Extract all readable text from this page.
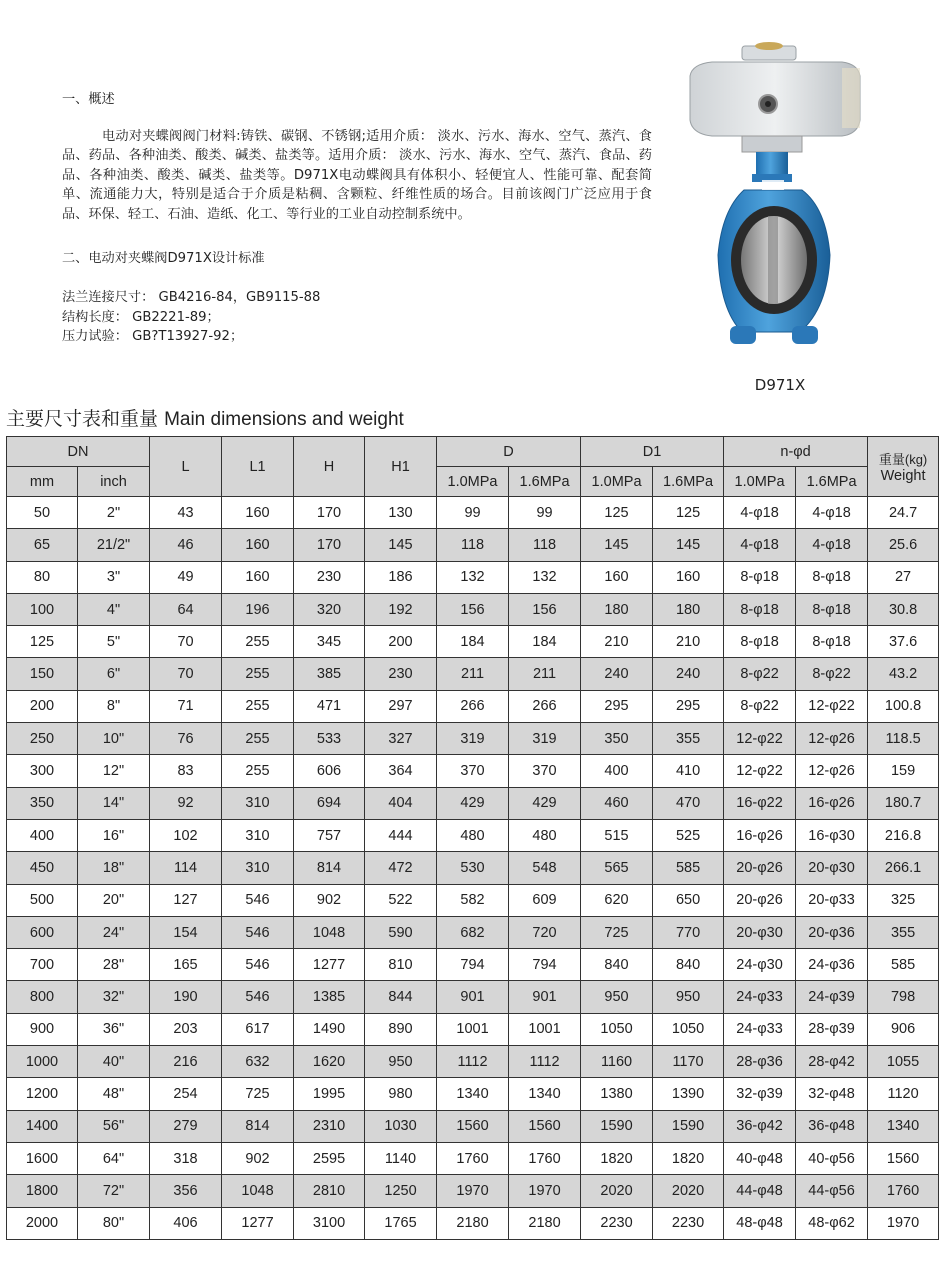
一、概述
电动对夹蝶阀阀门材料:铸铁、碳钢、不锈钢;适用介质： 淡水、污水、海水、空气、蒸汽、食品、药品、各种油类、酸类、碱类、盐类等。适用介质： 淡水、污水、海水、空气、蒸汽、食品、药品、各种油类、酸类、碱类、盐类等。D971X电动蝶阀具有体积小、轻便宜人、性能可靠、配套简单、流通能力大，特别是适合于介质是粘稠、含颗粒、纤维性质的场合。目前该阀门广泛应用于食品、环保、轻工、石油、造纸、化工、等行业的工业自动控制系统中。
二、电动对夹蝶阀D971X设计标准
法兰连接尺寸： GB4216-84，GB9115-88
结构长度： GB2221-89；
压力试验： GB?T13927-92；
D971X
主要尺寸表和重量 Main dimensions and weight
DN		L	L1	H	H1	D		D1		n-φd		重量(kg)
Weight

mm	inch					1.0MPa	1.6MPa	1.0MPa	1.6MPa	1.0MPa	1.6MPa	
50	2"	43	160	170	130	99	99	125	125	4-φ18	4-φ18	24.7
65	21/2"	46	160	170	145	118	118	145	145	4-φ18	4-φ18	25.6
80	3"	49	160	230	186	132	132	160	160	8-φ18	8-φ18	27
100	4"	64	196	320	192	156	156	180	180	8-φ18	8-φ18	30.8
125	5"	70	255	345	200	184	184	210	210	8-φ18	8-φ18	37.6
150	6"	70	255	385	230	211	211	240	240	8-φ22	8-φ22	43.2
200	8"	71	255	471	297	266	266	295	295	8-φ22	12-φ22	100.8
250	10"	76	255	533	327	319	319	350	355	12-φ22	12-φ26	118.5
300	12"	83	255	606	364	370	370	400	410	12-φ22	12-φ26	159
350	14"	92	310	694	404	429	429	460	470	16-φ22	16-φ26	180.7
400	16"	102	310	757	444	480	480	515	525	16-φ26	16-φ30	216.8
450	18"	114	310	814	472	530	548	565	585	20-φ26	20-φ30	266.1
500	20"	127	546	902	522	582	609	620	650	20-φ26	20-φ33	325
600	24"	154	546	1048	590	682	720	725	770	20-φ30	20-φ36	355
700	28"	165	546	1277	810	794	794	840	840	24-φ30	24-φ36	585
800	32"	190	546	1385	844	901	901	950	950	24-φ33	24-φ39	798
900	36"	203	617	1490	890	1001	1001	1050	1050	24-φ33	28-φ39	906
1000	40"	216	632	1620	950	1112	1112	1160	1170	28-φ36	28-φ42	1055
1200	48"	254	725	1995	980	1340	1340	1380	1390	32-φ39	32-φ48	1120
1400	56"	279	814	2310	1030	1560	1560	1590	1590	36-φ42	36-φ48	1340
1600	64"	318	902	2595	1140	1760	1760	1820	1820	40-φ48	40-φ56	1560
1800	72"	356	1048	2810	1250	1970	1970	2020	2020	44-φ48	44-φ56	1760
2000	80"	406	1277	3100	1765	2180	2180	2230	2230	48-φ48	48-φ62	1970
